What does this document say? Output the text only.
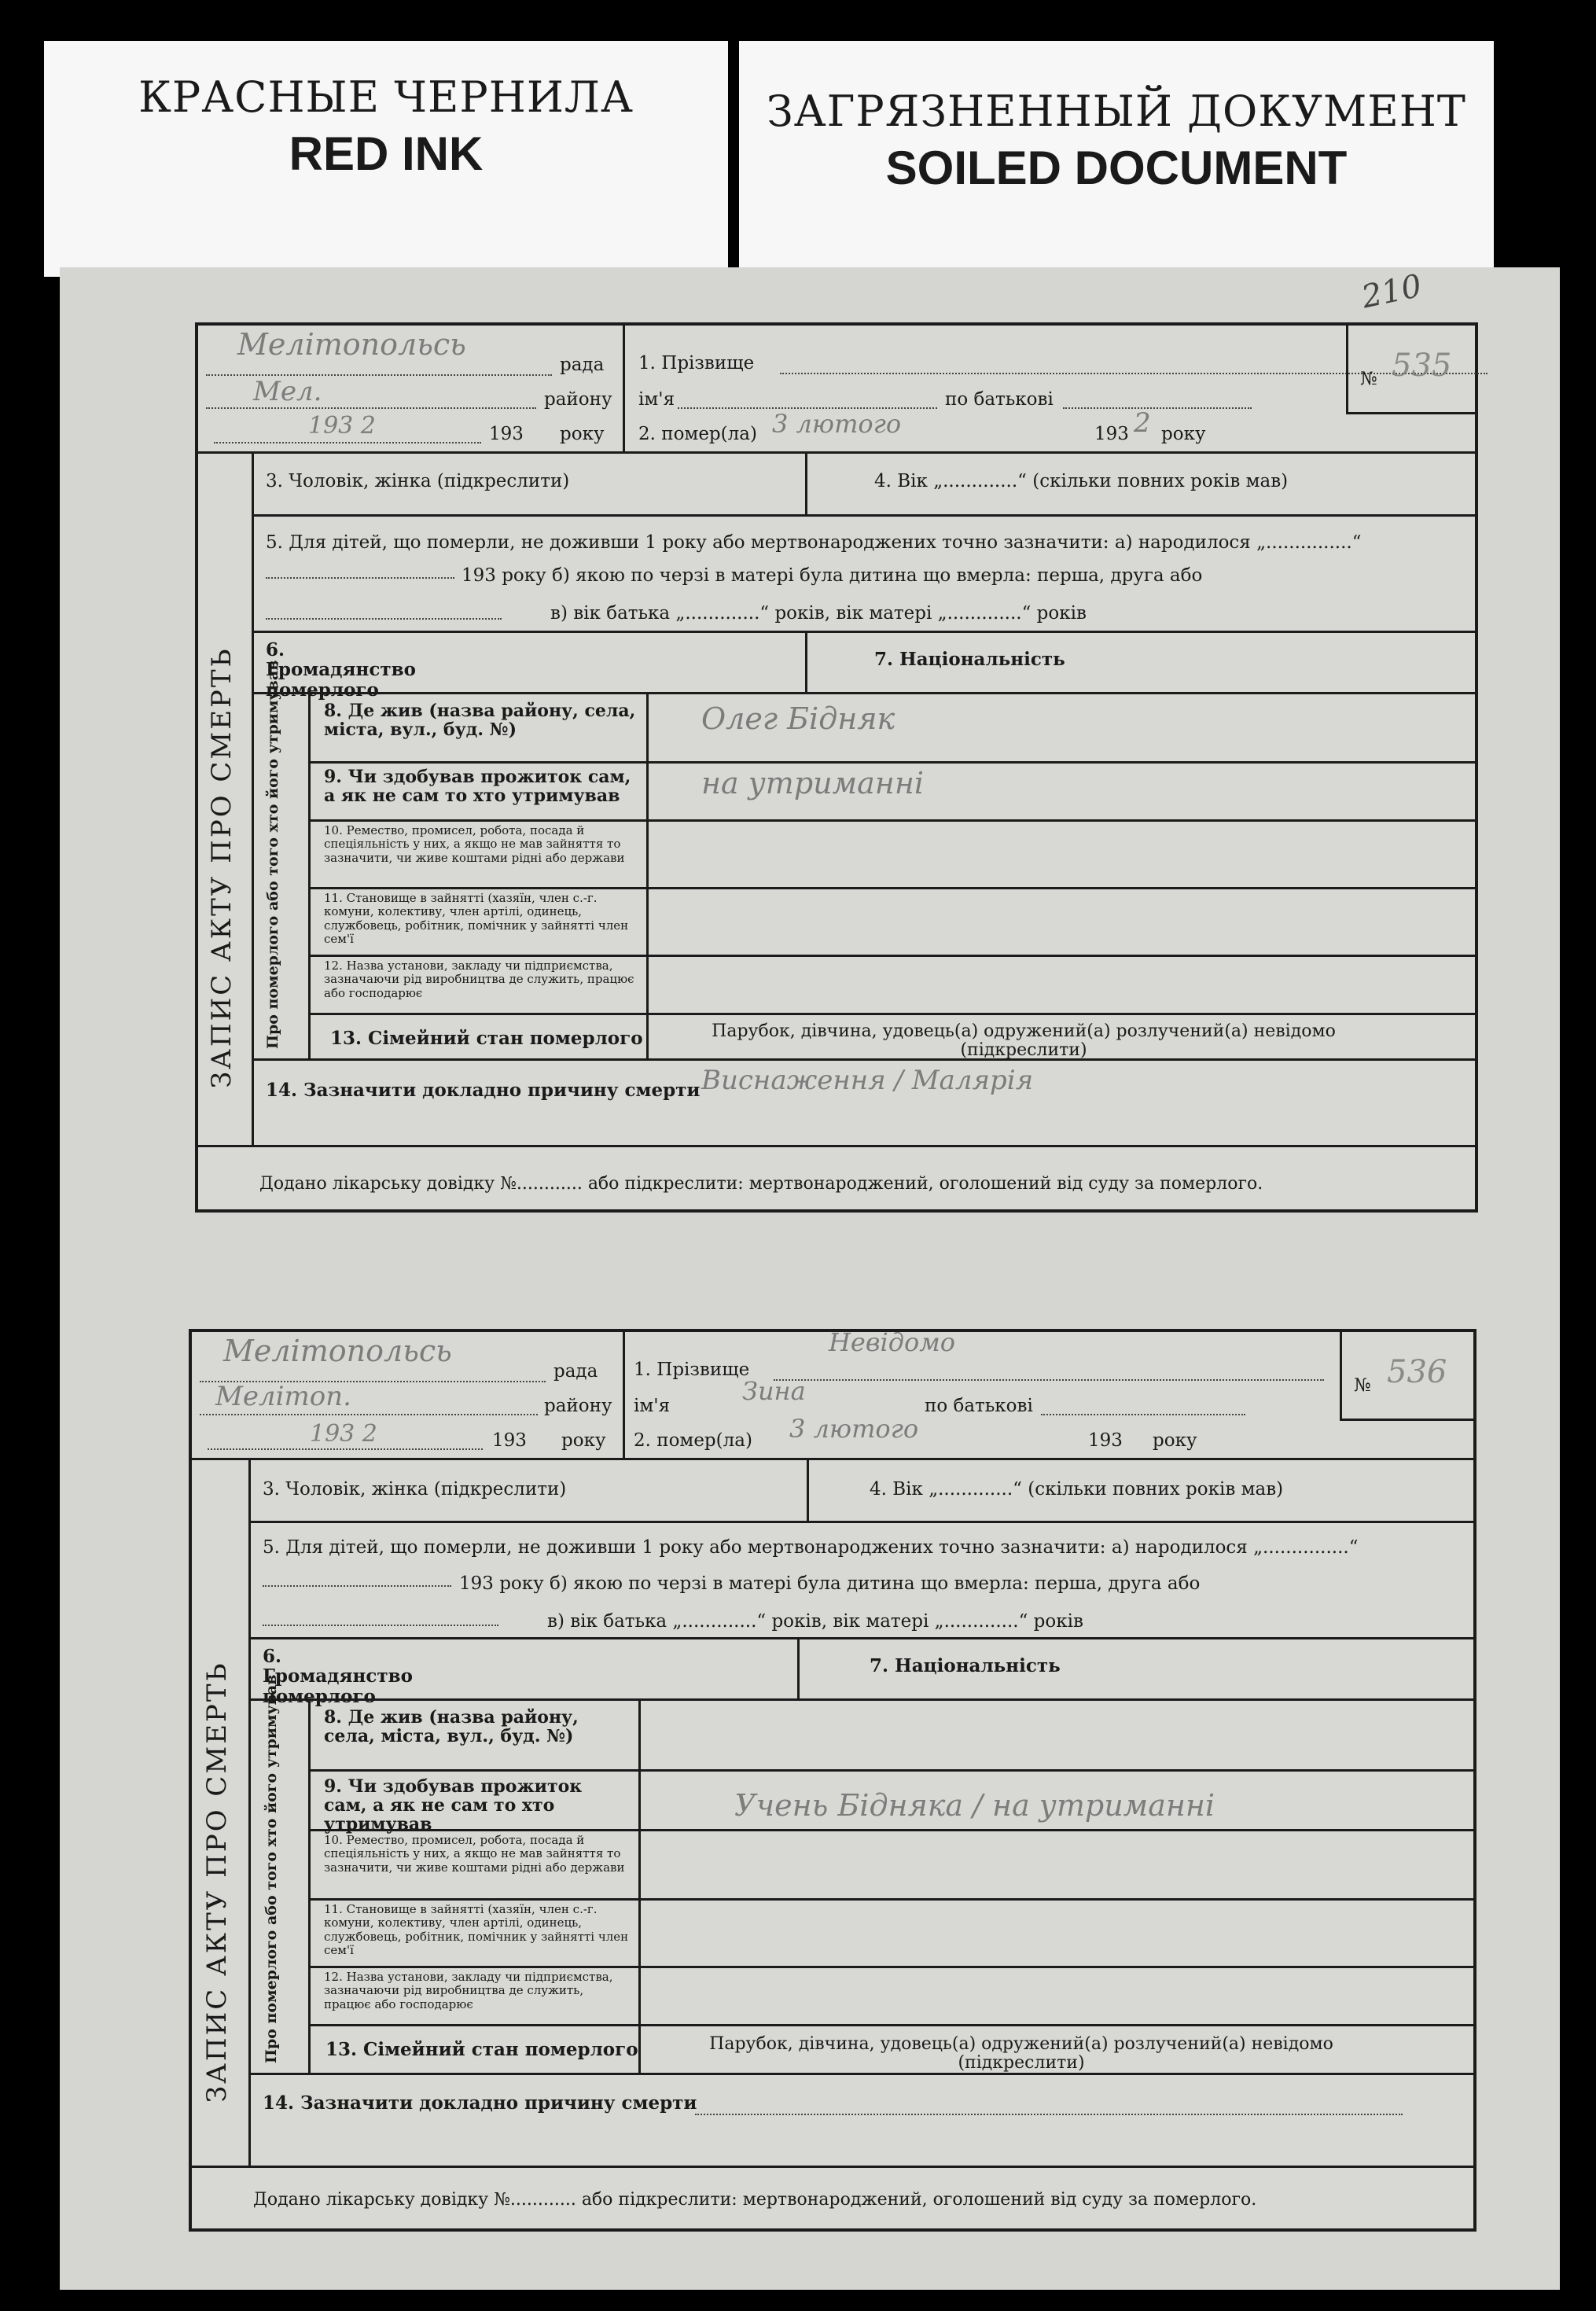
КРАСНЫЕ ЧЕРНИЛА
RED INK
ЗАГРЯЗНЕННЫЙ ДОКУМЕНТ
SOILED DOCUMENT
210
Мелітопольсь
рада
Мел.	району
193
193 2	року
1. Прізвище
ім'я	по батькові
2. помер(ла) 3 лютого	193 2 року
№ 535
ЗАПИС АКТУ ПРО СМЕРТЬ
3. Чоловік, жінка (підкреслити)	4. Вік „.............“ (скільки повних років мав)
5. Для дітей, що померли, не доживши 1 року або мертвонароджених точно зазначити: а) народилося „...............“
193 року б) якою по черзі в матері була дитина що вмерла: перша, друга або
в) вік батька „.............“ років, вік матері „.............“ років
6. Громадянство померлого
7. Національність
Про померлого або того хто його утримував 8. Де жив (назва району, села, міста, вул., буд. №)	Олег Бідняк
9. Чи здобував прожиток сам, а як не сам то хто утримував	на утриманні
10. Ремество, промисел, робота, посада й спеціяльність у них, а якщо не мав зайняття то зазначити, чи живе коштами рідні або держави
11. Становище в зайнятті (хазяїн, член с.-г. комуни, колективу, член артілі, одинець, службовець, робітник, помічник у зайнятті член сем'ї
12. Назва установи, закладу чи підприємства, зазначаючи рід виробництва де служить, працює або господарює
13. Сімейний стан померлого	Парубок, дівчина, удовець(а) одружений(а) розлучений(а) невідомо (підкреслити)
14. Зазначити докладно причину смерти Виснаження / Малярія
Додано лікарську довідку №............ або підкреслити: мертвонароджений, оголошений від суду за померлого.
Мелітопольсь
рада
Мелітоп.	району
193
193 2	року
1. Прізвище
Невідомо
ім'я	Зина	по батькові
2. помер(ла) 3 лютого	193 року
№ 536
ЗАПИС АКТУ ПРО СМЕРТЬ
3. Чоловік, жінка (підкреслити)	4. Вік „.............“ (скільки повних років мав)
5. Для дітей, що померли, не доживши 1 року або мертвонароджених точно зазначити: а) народилося „...............“
193 року б) якою по черзі в матері була дитина що вмерла: перша, друга або
в) вік батька „.............“ років, вік матері „.............“ років
6. Громадянство померлого
7. Національність
Про померлого або того хто його утримував	8. Де жив (назва району, села, міста, вул., буд. №)
9. Чи здобував прожиток сам, а як не сам то хто утримував
Учень Бідняка / на утриманні
10. Ремество, промисел, робота, посада й спеціяльність у них, а якщо не мав зайняття то зазначити, чи живе коштами рідні або держави
11. Становище в зайнятті (хазяїн, член с.-г. комуни, колективу, член артілі, одинець, службовець, робітник, помічник у зайнятті член сем'ї
12. Назва установи, закладу чи підприємства, зазначаючи рід виробництва де служить, працює або господарює
13. Сімейний стан померлого	Парубок, дівчина, удовець(а) одружений(а) розлучений(а) невідомо (підкреслити)
14. Зазначити докладно причину смерти
Додано лікарську довідку №............ або підкреслити: мертвонароджений, оголошений від суду за померлого.
